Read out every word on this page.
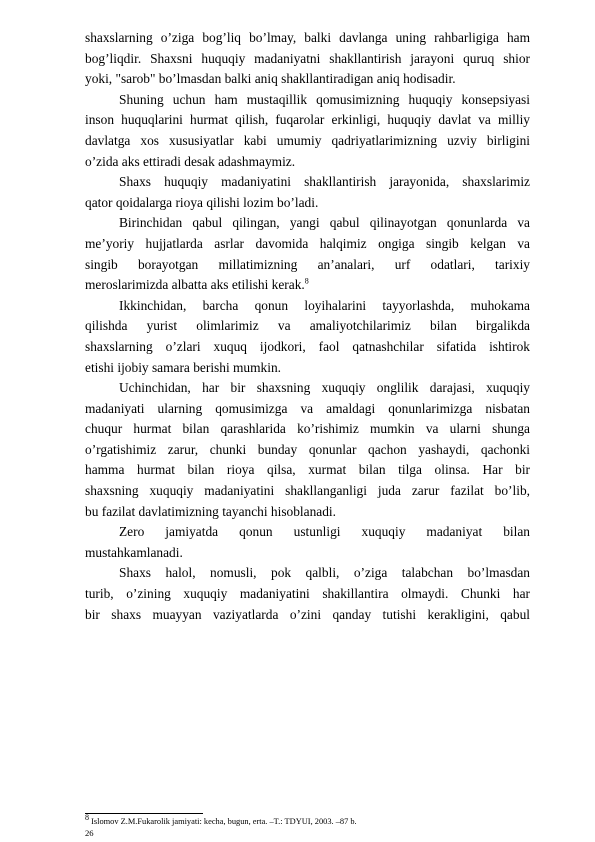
shaxslarning o’ziga bog’liq bo’lmay, balki davlanga uning rahbarligiga ham

bog’liqdir. Shaxsni huquqiy madaniyatni shakllantirish jarayoni quruq shior

yoki, "sarob" bo’lmasdan balki aniq shakllantiradigan aniq hodisadir.

Shuning uchun ham mustaqillik qomusimizning huquqiy konsepsiyasi

inson huquqlarini hurmat qilish, fuqarolar erkinligi, huquqiy davlat va milliy

davlatga xos xususiyatlar kabi umumiy qadriyatlarimizning uzviy birligini

o’zida aks ettiradi desak adashmaymiz.

Shaxs huquqiy madaniyatini shakllantirish jarayonida, shaxslarimiz

qator qoidalarga rioya qilishi lozim bo’ladi.

Birinchidan qabul qilingan, yangi qabul qilinayotgan qonunlarda va

me’yoriy hujjatlarda asrlar davomida halqimiz ongiga singib kelgan va

singib borayotgan millatimizning an’analari, urf odatlari, tarixiy

meroslarimizda albatta aks etilishi kerak.$^8$

Ikkinchidan, barcha qonun loyihalarini tayyorlashda, muhokama

qilishda yurist olimlarimiz va amaliyotchilarimiz bilan birgalikda

shaxslarning o’zlari xuquq ijodkori, faol qatnashchilar sifatida ishtirok

etishi ijobiy samara berishi mumkin.

Uchinchidan, har bir shaxsning xuquqiy onglilik darajasi, xuquqiy

madaniyati ularning qomusimizga va amaldagi qonunlarimizga nisbatan

chuqur hurmat bilan qarashlarida ko’rishimiz mumkin va ularni shunga

o’rgatishimiz zarur, chunki bunday qonunlar qachon yashaydi, qachonki

hamma hurmat bilan rioya qilsa, xurmat bilan tilga olinsa. Har bir

shaxsning xuquqiy madaniyatini shakllanganligi juda zarur fazilat bo’lib,

bu fazilat davlatimizning tayanchi hisoblanadi.

Zero jamiyatda qonun ustunligi xuquqiy madaniyat bilan

mustahkamlanadi.

Shaxs halol, nomusli, pok qalbli, o’ziga talabchan bo’lmasdan

turib, o’zining xuquqiy madaniyatini shakillantira olmaydi. Chunki har

bir shaxs muayyan vaziyatlarda o’zini qanday tutishi kerakligini, qabul

$^8$ Islomov Z.M.Fukarolik jamiyati: kecha, bugun, erta. –T.: TDYUI, 2003. –87 b.
26
